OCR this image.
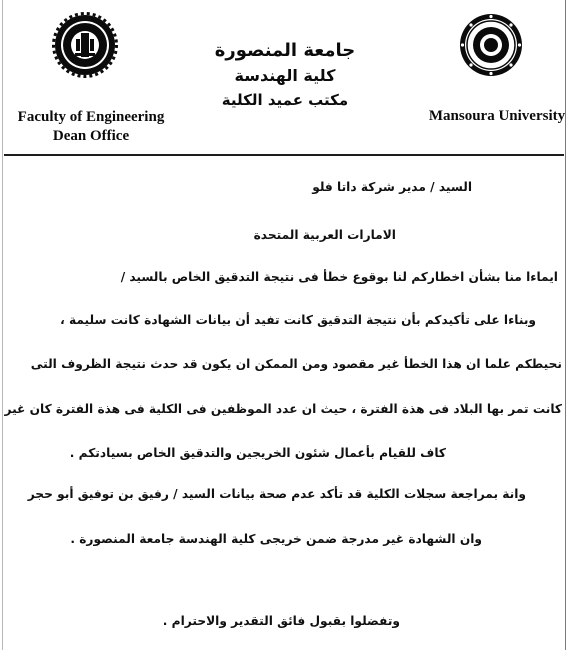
Faculty of Engineering
Dean Office
Mansoura University
جامعة المنصورة
كلية الهندسة
مكتب عميد الكلية
السيد / مدير شركة داتا فلو
الامارات العربية المتحدة
ايماءا منا بشأن اخطاركم لنا بوقوع خطأ فى نتيجة التدقيق الخاص بالسيد /
وبناءا على تأكيدكم بأن نتيجة التدقيق كانت تفيد أن بيانات الشهادة كانت سليمة ،
نحيطكم علما ان هذا الخطأ غير مقصود ومن الممكن ان يكون قد حدث نتيجة الظروف التى
كانت تمر بها البلاد فى هذة الفترة ، حيث ان عدد الموظفين فى الكلية فى هذة الفترة كان غير
كاف للقيام بأعمال شئون الخريجين والتدقيق الخاص بسيادتكم .
وانة بمراجعة سجلات الكلية قد تأكد عدم صحة بيانات السيد / رفيق بن توفيق أبو حجر
وان الشهادة غير مدرجة ضمن خريجى كلية الهندسة جامعة المنصورة .
وتفضلوا بقبول فائق التقدير والاحترام .
